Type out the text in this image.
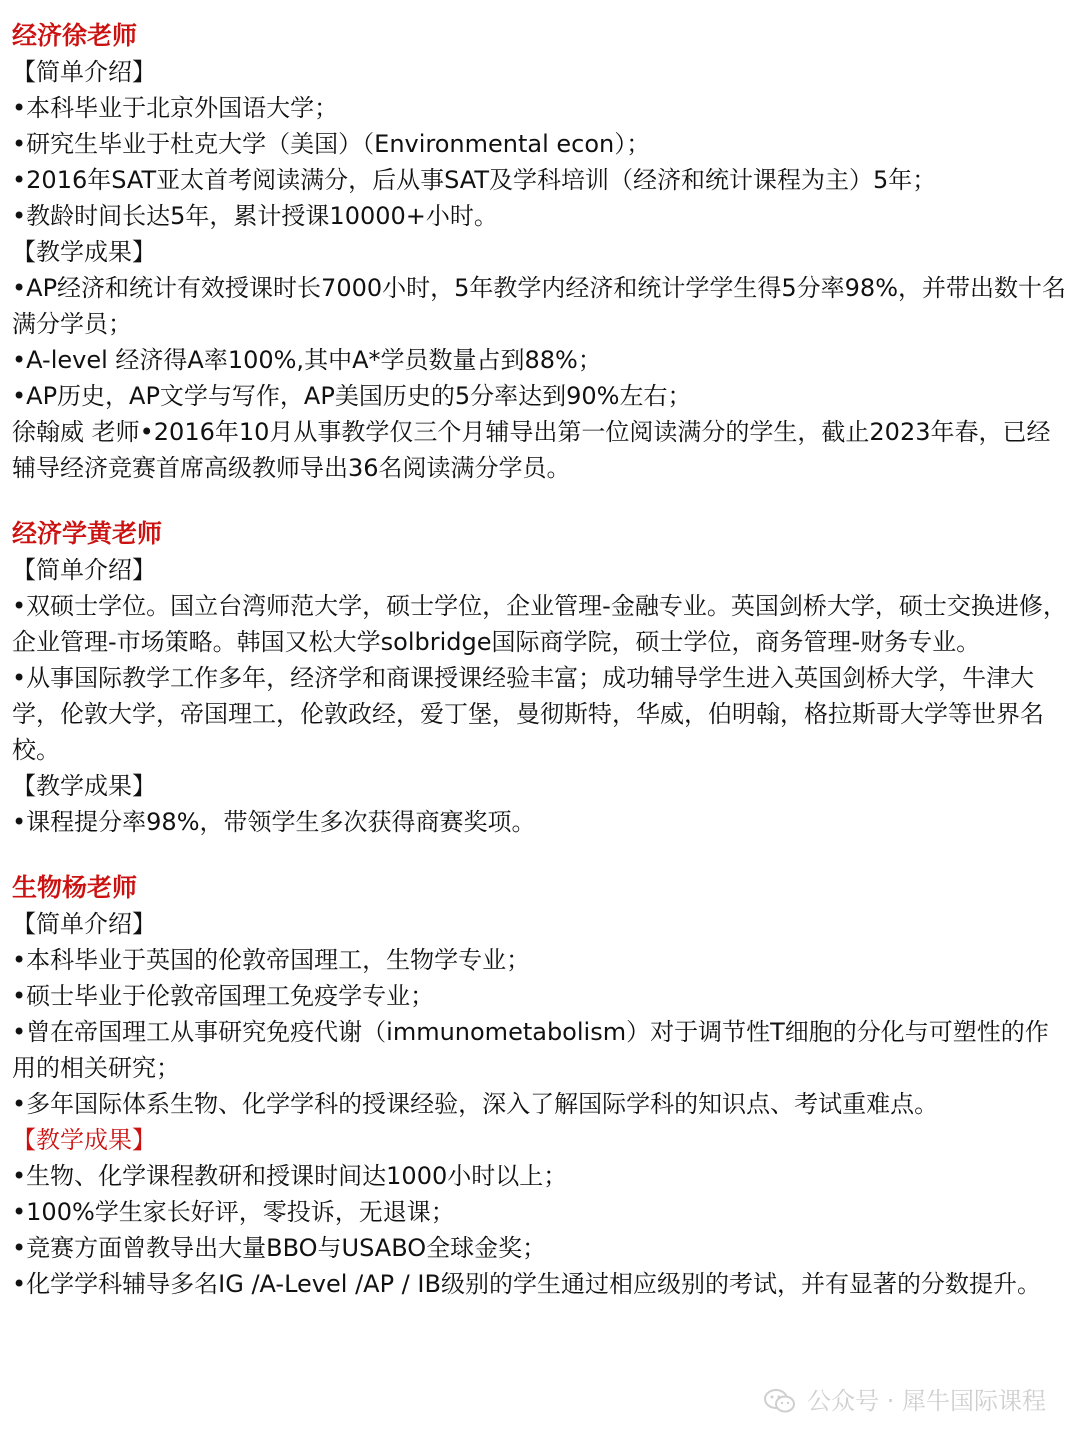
经济徐老师
【简单介绍】
•本科毕业于北京外国语大学；
•研究生毕业于杜克大学（美国）（Environmental econ）；
•2016年SAT亚太首考阅读满分，后从事SAT及学科培训（经济和统计课程为主）5年；
•教龄时间长达5年，累计授课10000+小时。
【教学成果】
•AP经济和统计有效授课时长7000小时，5年教学内经济和统计学学生得5分率98%，并带出数十名满分学员；
•A-level 经济得A率100%,其中A*学员数量占到88%；
•AP历史，AP文学与写作，AP美国历史的5分率达到90%左右；
徐翰威 老师•2016年10月从事教学仅三个月辅导出第一位阅读满分的学生，截止2023年春，已经辅导经济竞赛首席高级教师导出36名阅读满分学员。
经济学黄老师
【简单介绍】
•双硕士学位。国立台湾师范大学，硕士学位，企业管理-金融专业。英国剑桥大学，硕士交换进修，企业管理-市场策略。韩国又松大学solbridge国际商学院，硕士学位，商务管理-财务专业。
•从事国际教学工作多年，经济学和商课授课经验丰富；成功辅导学生进入英国剑桥大学，牛津大学，伦敦大学，帝国理工，伦敦政经，爱丁堡，曼彻斯特，华威，伯明翰，格拉斯哥大学等世界名校。
【教学成果】
•课程提分率98%，带领学生多次获得商赛奖项。
生物杨老师
【简单介绍】
•本科毕业于英国的伦敦帝国理工，生物学专业；
•硕士毕业于伦敦帝国理工免疫学专业；
•曾在帝国理工从事研究免疫代谢（immunometabolism）对于调节性T细胞的分化与可塑性的作用的相关研究；
•多年国际体系生物、化学学科的授课经验，深入了解国际学科的知识点、考试重难点。
【教学成果】
•生物、化学课程教研和授课时间达1000小时以上；
•100%学生家长好评，零投诉，无退课；
•竞赛方面曾教导出大量BBO与USABO全球金奖；
•化学学科辅导多名IG /A-Level /AP / IB级别的学生通过相应级别的考试，并有显著的分数提升。
公众号 · 犀牛国际课程
